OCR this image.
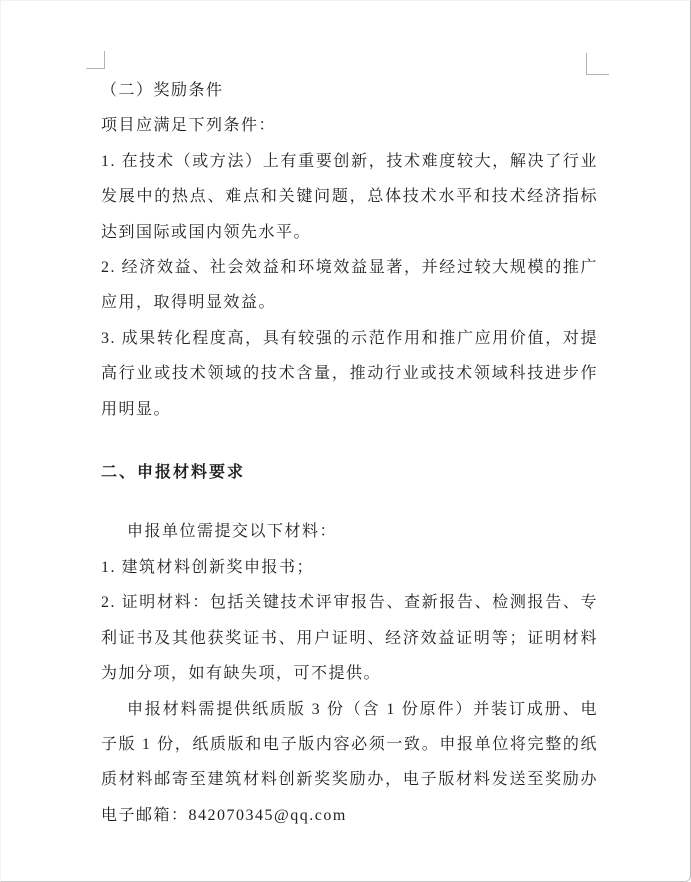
（二）奖励条件

项目应满足下列条件：

1. 在技术（或方法）上有重要创新，技术难度较大，解决了行业发展中的热点、难点和关键问题，总体技术水平和技术经济指标达到国际或国内领先水平。

2. 经济效益、社会效益和环境效益显著，并经过较大规模的推广应用，取得明显效益。

3. 成果转化程度高，具有较强的示范作用和推广应用价值，对提高行业或技术领域的技术含量，推动行业或技术领域科技进步作用明显。

二、申报材料要求

申报单位需提交以下材料：

1. 建筑材料创新奖申报书；

2. 证明材料：包括关键技术评审报告、查新报告、检测报告、专利证书及其他获奖证书、用户证明、经济效益证明等；证明材料为加分项，如有缺失项，可不提供。

申报材料需提供纸质版 3 份（含 1 份原件）并装订成册、电子版 1 份，纸质版和电子版内容必须一致。申报单位将完整的纸质材料邮寄至建筑材料创新奖奖励办，电子版材料发送至奖励办电子邮箱：842070345@qq.com
